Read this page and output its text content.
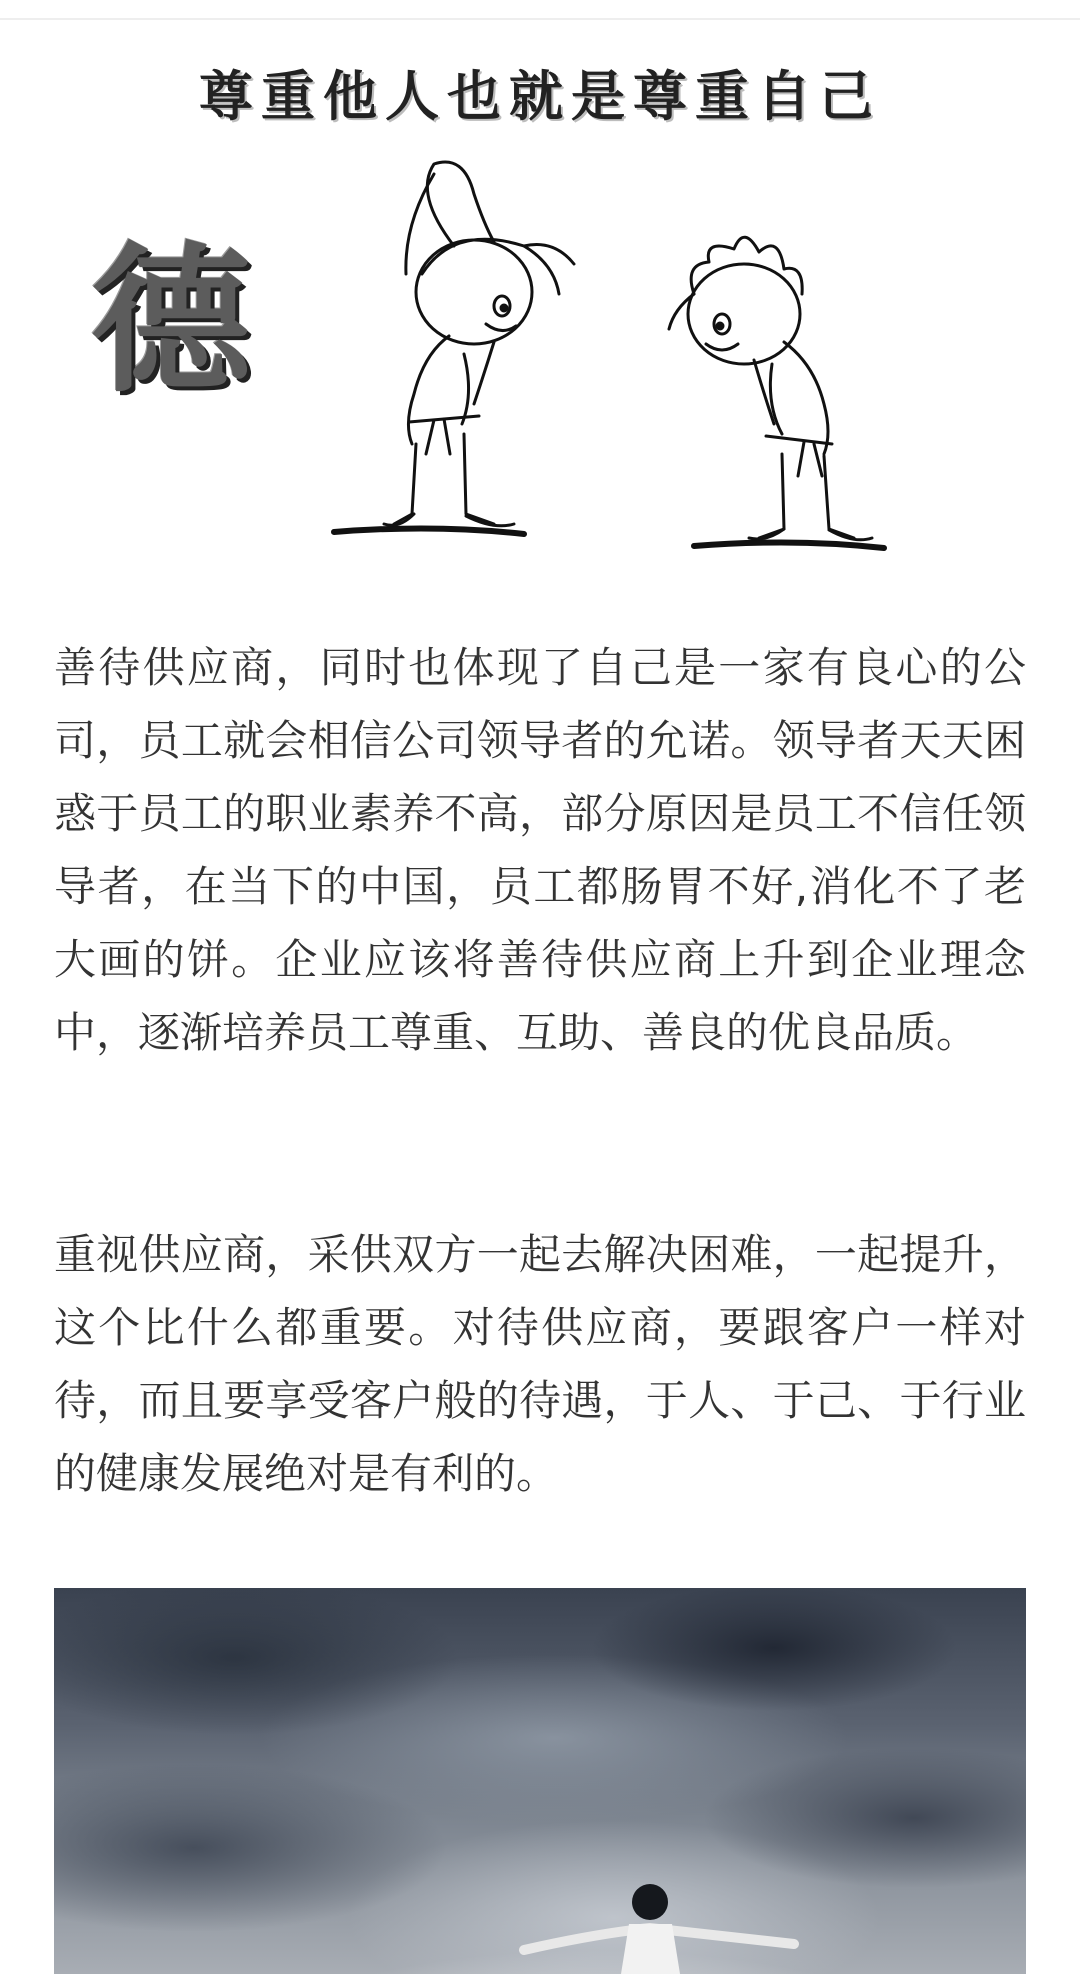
尊重他人也就是尊重自己
德

善待供应商，同时也体现了自己是一家有良心的公司，员工就会相信公司领导者的允诺。领导者天天困惑于员工的职业素养不高，部分原因是员工不信任领导者，在当下的中国，员工都肠胃不好,消化不了老大画的饼。企业应该将善待供应商上升到企业理念中，逐渐培养员工尊重、互助、善良的优良品质。

重视供应商，采供双方一起去解决困难，一起提升，这个比什么都重要。对待供应商，要跟客户一样对待，而且要享受客户般的待遇，于人、于己、于行业的健康发展绝对是有利的。
